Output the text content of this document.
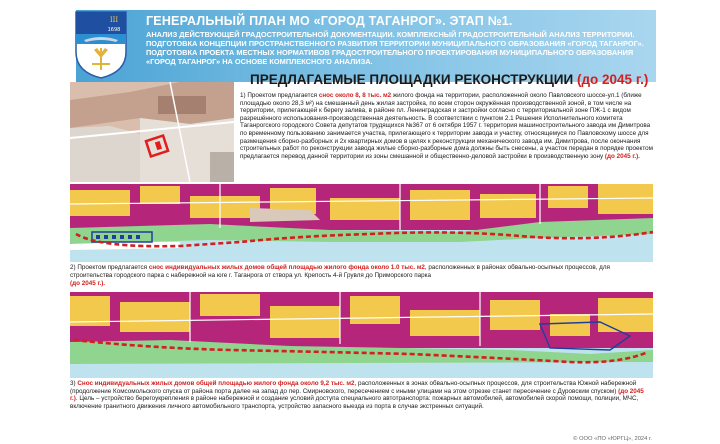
ГЕНЕРАЛЬНЫЙ ПЛАН МО «ГОРОД ТАГАНРОГ». ЭТАП №1.
АНАЛИЗ ДЕЙСТВУЮЩЕЙ ГРАДОСТРОИТЕЛЬНОЙ ДОКУМЕНТАЦИИ. КОМПЛЕКСНЫЙ ГРАДОСТРОИТЕЛЬНЫЙ АНАЛИЗ ТЕРРИТОРИИ. ПОДГОТОВКА КОНЦЕПЦИИ ПРОСТРАНСТВЕННОГО РАЗВИТИЯ ТЕРРИТОРИИ МУНИЦИПАЛЬНОГО ОБРАЗОВАНИЯ «ГОРОД ТАГАНРОГ». ПОДГОТОВКА ПРОЕКТА МЕСТНЫХ НОРМАТИВОВ ГРАДОСТРОИТЕЛЬНОГО ПРОЕКТИРОВАНИЯ МУНИЦИПАЛЬНОГО ОБРАЗОВАНИЯ «ГОРОД ТАГАНРОГ» НА ОСНОВЕ КОМПЛЕКСНОГО АНАЛИЗА.
III
1698
ПРЕДЛАГАЕМЫЕ ПЛОЩАДКИ РЕКОНСТРУКЦИИ (до 2045 г.)
1) Проектом предлагается снос около 8, 8 тыс. м2 жилого фонда на территории, расположенной около Павловского шоссе-ул.1 (ближе площадью около 28,3 м²) на смешанный день жилая застройка, по всем сторон окружённая производственной зоной, в том числе на территории, прилегающей к берегу залива, в районе пл. Ленинградская и застройки согласно с территориальной зоне ПЖ-1 с видом разрешённого использования-производственная деятельность. В соответствии с пунктом 2.1 Решения Исполнительного комитета Таганрогского городского Совета депутатов трудящихся №367 от 6 октября 1957 г. территория машиностроительного завода им Димитрова по временному пользованию занимается участка, прилегающего к территории завода и участку, относящемуся по Павловскому шоссе для размещения сборно-разборных и 2х квартирных домов в целях к реконструкции механического завода им. Димитрова, после окончания строительных работ по реконструкции завода жилые сборно-разборные дома должны быть снесены, а участок передан в порядке проектом предлагается перевод данной территории из зоны смешанной и общественно-деловой застройки в производственную зону (до 2045 г.).
2) Проектом предлагается снос индивидуальных жилых домов общей площадью жилого фонда около 1.0 тыс. м2, расположенных в районах обвально-осыпных процессов, для строительства городского парка с набережной на юге г. Таганрога от створа ул. Крепость 4-й Грувля до Приморского парка
(до 2045 г.).
3) Снос индивидуальных жилых домов общей площадью жилого фонда около 9,2 тыс. м2, расположенных в зонах обвально-осыпных процессов, для строительства Южной набережной (продолжение Комсомольского спуска от района порта далее на запад до пер. Смирновского, пересечением с иными улицами на этом отрезке станет пересечение с Дуровским спуском) (до 2045 г.). Цель – устройство берегоукрепления в районе набережной и создание условий доступа специального автотранспорта: пожарных автомобилей, автомобилей скорой помощи, полиции, МЧС, включение гранитного движения личного автомобильного транспорта, устройство запасного выезда из порта в случае экстренных ситуаций.
© ООО «ПО «ЮРГЦ», 2024 г.
